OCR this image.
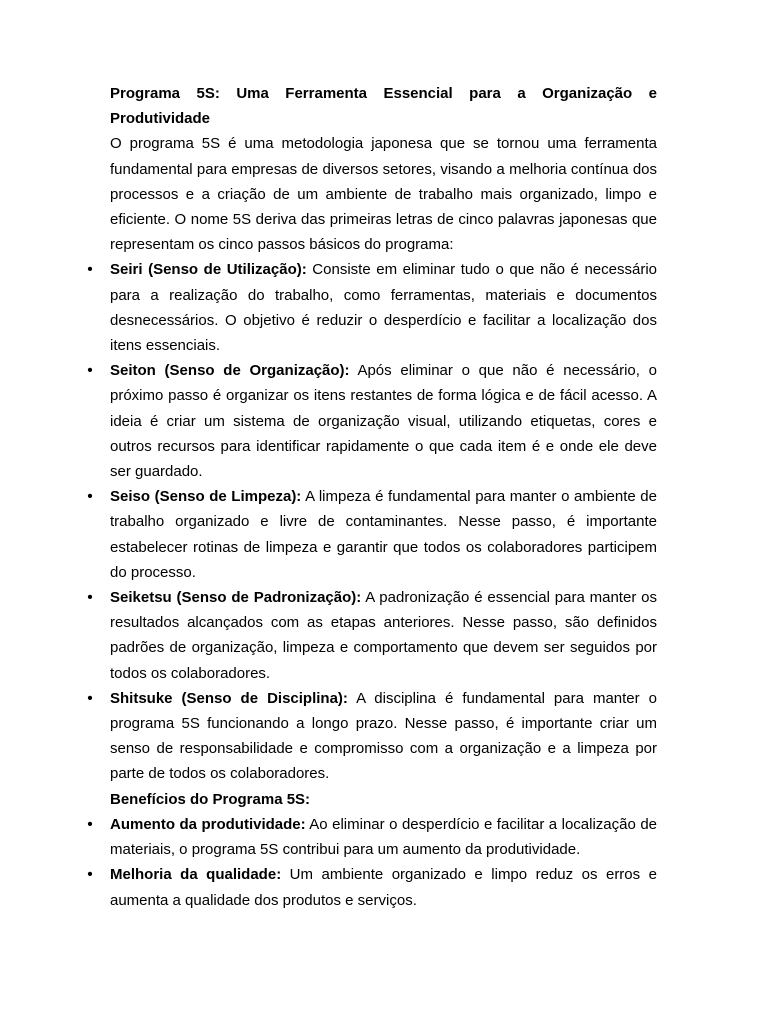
Programa 5S: Uma Ferramenta Essencial para a Organização e Produtividade

O programa 5S é uma metodologia japonesa que se tornou uma ferramenta fundamental para empresas de diversos setores, visando a melhoria contínua dos processos e a criação de um ambiente de trabalho mais organizado, limpo e eficiente. O nome 5S deriva das primeiras letras de cinco palavras japonesas que representam os cinco passos básicos do programa:

• Seiri (Senso de Utilização): Consiste em eliminar tudo o que não é necessário para a realização do trabalho, como ferramentas, materiais e documentos desnecessários. O objetivo é reduzir o desperdício e facilitar a localização dos itens essenciais.
• Seiton (Senso de Organização): Após eliminar o que não é necessário, o próximo passo é organizar os itens restantes de forma lógica e de fácil acesso. A ideia é criar um sistema de organização visual, utilizando etiquetas, cores e outros recursos para identificar rapidamente o que cada item é e onde ele deve ser guardado.
• Seiso (Senso de Limpeza): A limpeza é fundamental para manter o ambiente de trabalho organizado e livre de contaminantes. Nesse passo, é importante estabelecer rotinas de limpeza e garantir que todos os colaboradores participem do processo.
• Seiketsu (Senso de Padronização): A padronização é essencial para manter os resultados alcançados com as etapas anteriores. Nesse passo, são definidos padrões de organização, limpeza e comportamento que devem ser seguidos por todos os colaboradores.
• Shitsuke (Senso de Disciplina): A disciplina é fundamental para manter o programa 5S funcionando a longo prazo. Nesse passo, é importante criar um senso de responsabilidade e compromisso com a organização e a limpeza por parte de todos os colaboradores.

Benefícios do Programa 5S:

• Aumento da produtividade: Ao eliminar o desperdício e facilitar a localização de materiais, o programa 5S contribui para um aumento da produtividade.
• Melhoria da qualidade: Um ambiente organizado e limpo reduz os erros e aumenta a qualidade dos produtos e serviços.
